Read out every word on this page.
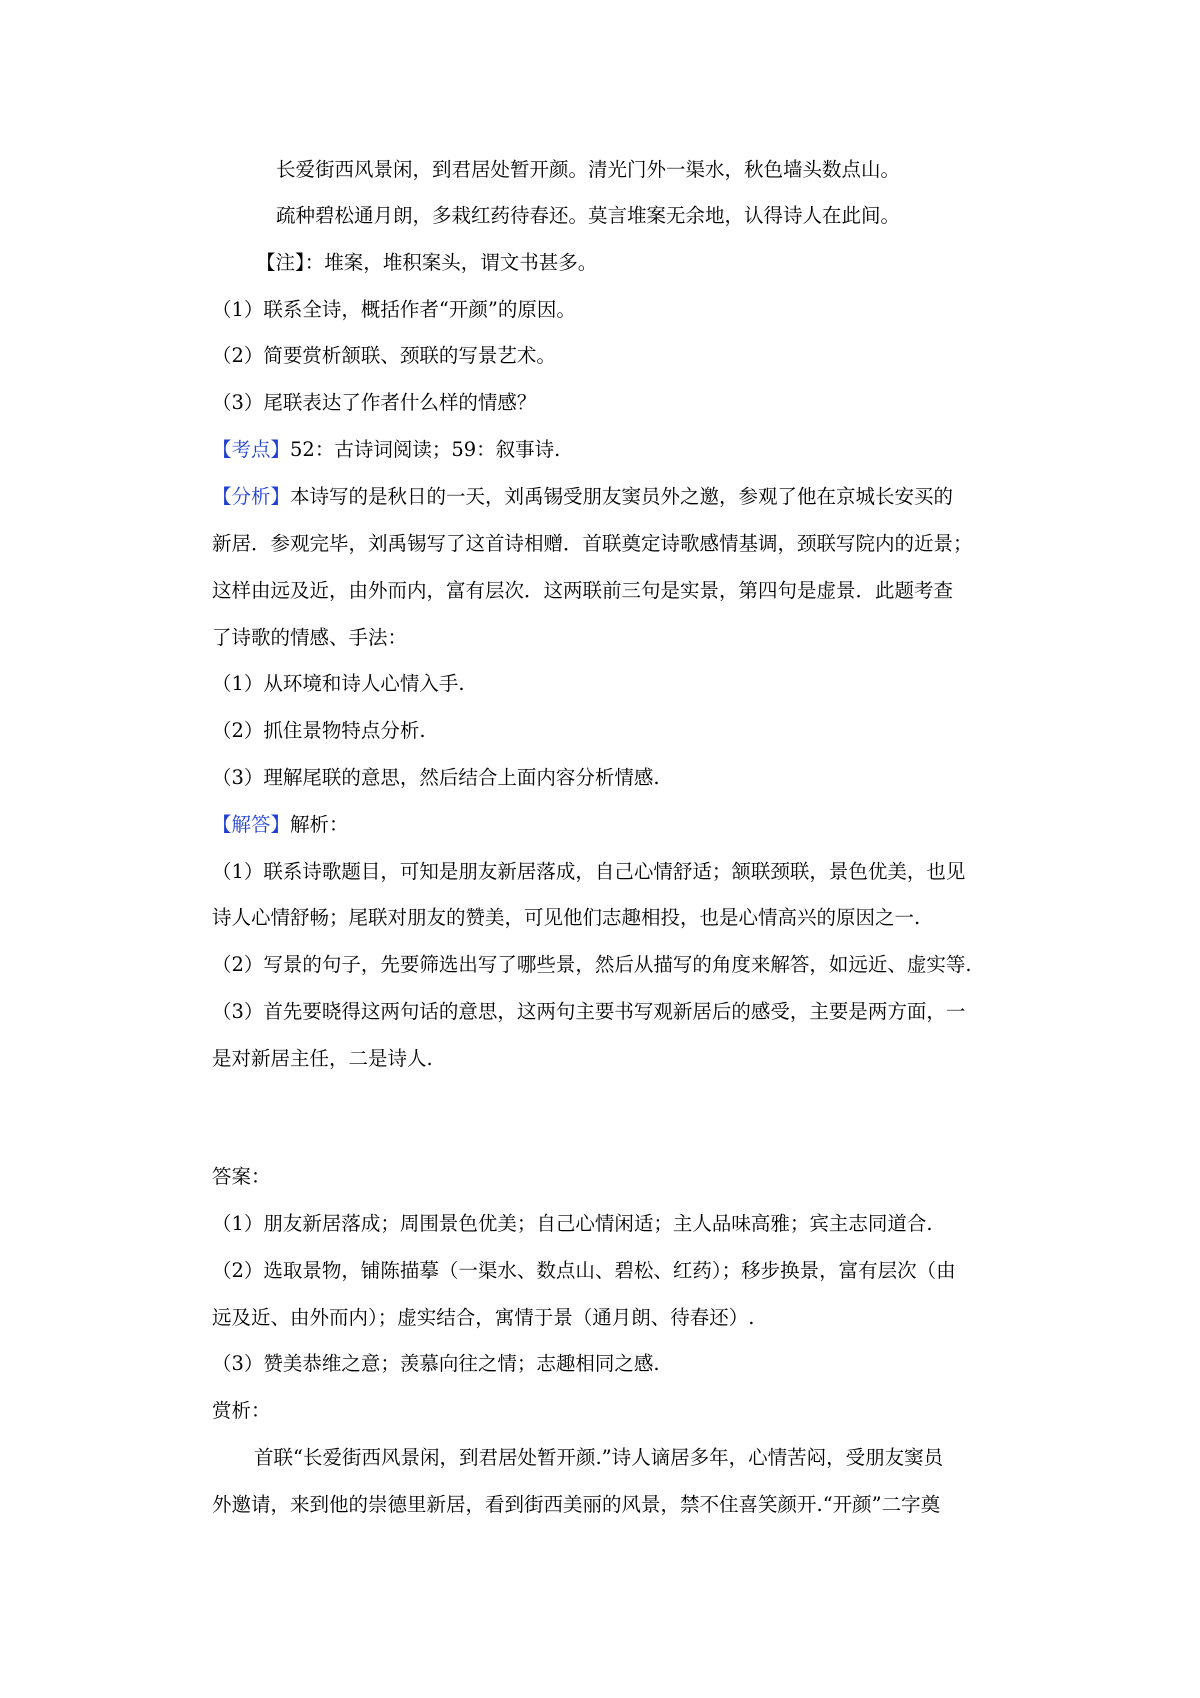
长爱街西风景闲，到君居处暂开颜。清光门外一渠水，秋色墙头数点山。
疏种碧松通月朗，多栽红药待春还。莫言堆案无余地，认得诗人在此间。
【注】：堆案，堆积案头，谓文书甚多。
（1）联系全诗，概括作者“开颜”的原因。
（2）简要赏析颔联、颈联的写景艺术。
（3）尾联表达了作者什么样的情感？
【考点】52：古诗词阅读；59：叙事诗.
【分析】本诗写的是秋日的一天，刘禹锡受朋友窦员外之邀，参观了他在京城长安买的
新居．参观完毕，刘禹锡写了这首诗相赠．首联奠定诗歌感情基调，颈联写院内的近景；
这样由远及近，由外而内，富有层次．这两联前三句是实景，第四句是虚景．此题考查
了诗歌的情感、手法：
（1）从环境和诗人心情入手.
（2）抓住景物特点分析.
（3）理解尾联的意思，然后结合上面内容分析情感.
【解答】解析：
（1）联系诗歌题目，可知是朋友新居落成，自己心情舒适；颔联颈联，景色优美，也见
诗人心情舒畅；尾联对朋友的赞美，可见他们志趣相投，也是心情高兴的原因之一.
（2）写景的句子，先要筛选出写了哪些景，然后从描写的角度来解答，如远近、虚实等.
（3）首先要晓得这两句话的意思，这两句主要书写观新居后的感受，主要是两方面，一
是对新居主任，二是诗人.
答案：
（1）朋友新居落成；周围景色优美；自己心情闲适；主人品味高雅；宾主志同道合.
（2）选取景物，铺陈描摹（一渠水、数点山、碧松、红药）；移步换景，富有层次（由
远及近、由外而内）；虚实结合，寓情于景（通月朗、待春还）.
（3）赞美恭维之意；羡慕向往之情；志趣相同之感.
赏析：
首联“长爱街西风景闲，到君居处暂开颜.”诗人谪居多年，心情苦闷，受朋友窦员
外邀请，来到他的崇德里新居，看到街西美丽的风景，禁不住喜笑颜开.“开颜”二字奠
